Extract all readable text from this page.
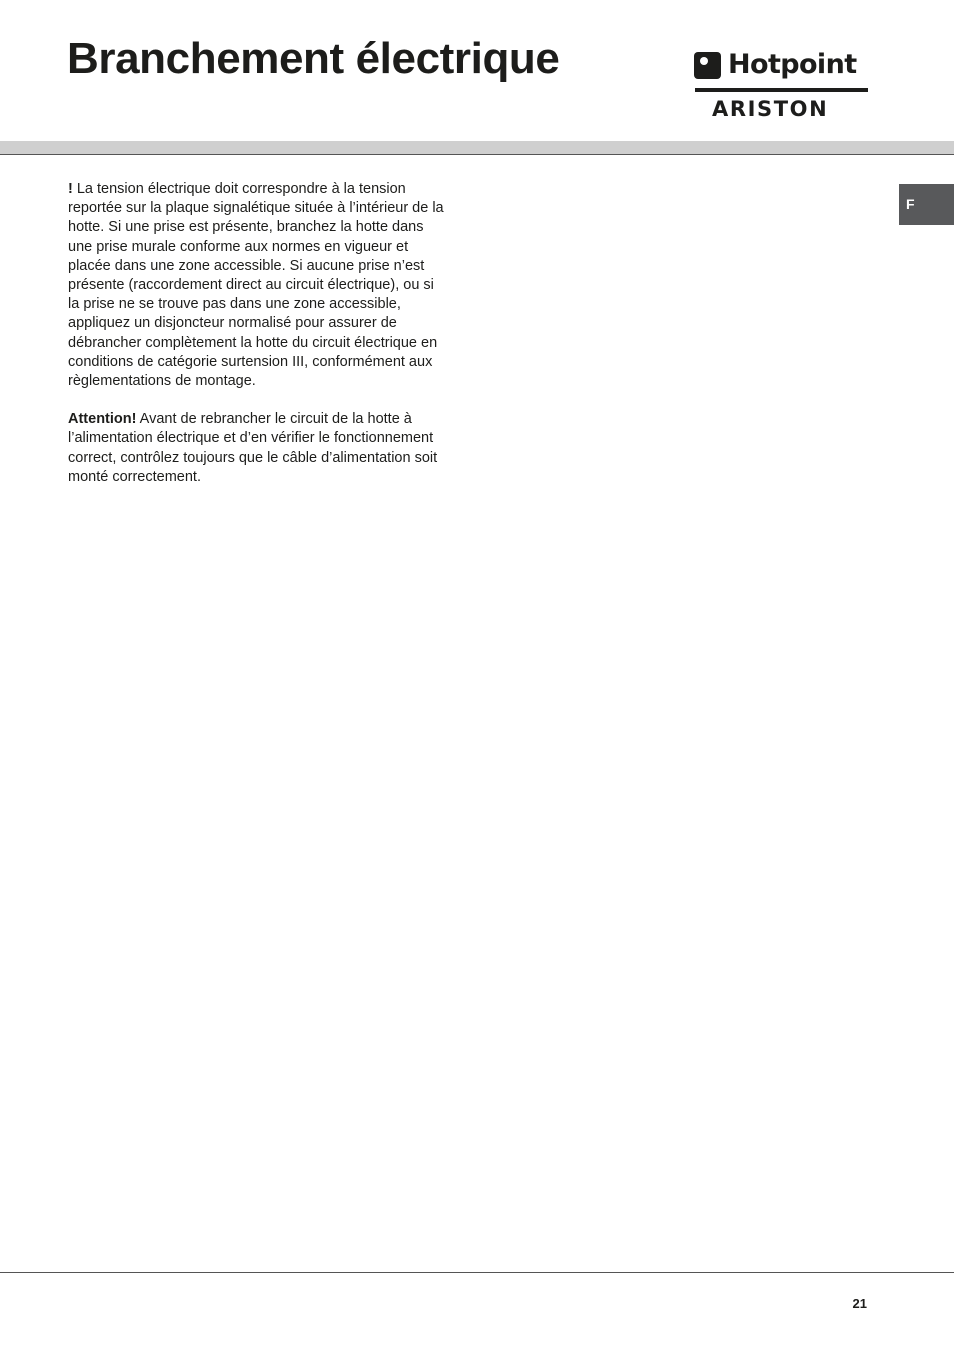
Branchement électrique	Hotpoint
ARISTON
F

! La tension électrique doit correspondre à la tension reportée sur la plaque signalétique située à l’intérieur de la hotte. Si une prise est présente, branchez la hotte dans une prise murale conforme aux normes en vigueur et placée dans une zone accessible. Si aucune prise n’est présente (raccordement direct au circuit électrique), ou si la prise ne se trouve pas dans une zone accessible, appliquez un disjoncteur normalisé pour assurer de débrancher complètement la hotte du circuit électrique en conditions de catégorie surtension III, conformément aux règlementations de montage.

Attention! Avant de rebrancher le circuit de la hotte à l’alimentation électrique et d’en vérifier le fonctionnement correct, contrôlez toujours que le câble d’alimentation soit monté correctement.

21
